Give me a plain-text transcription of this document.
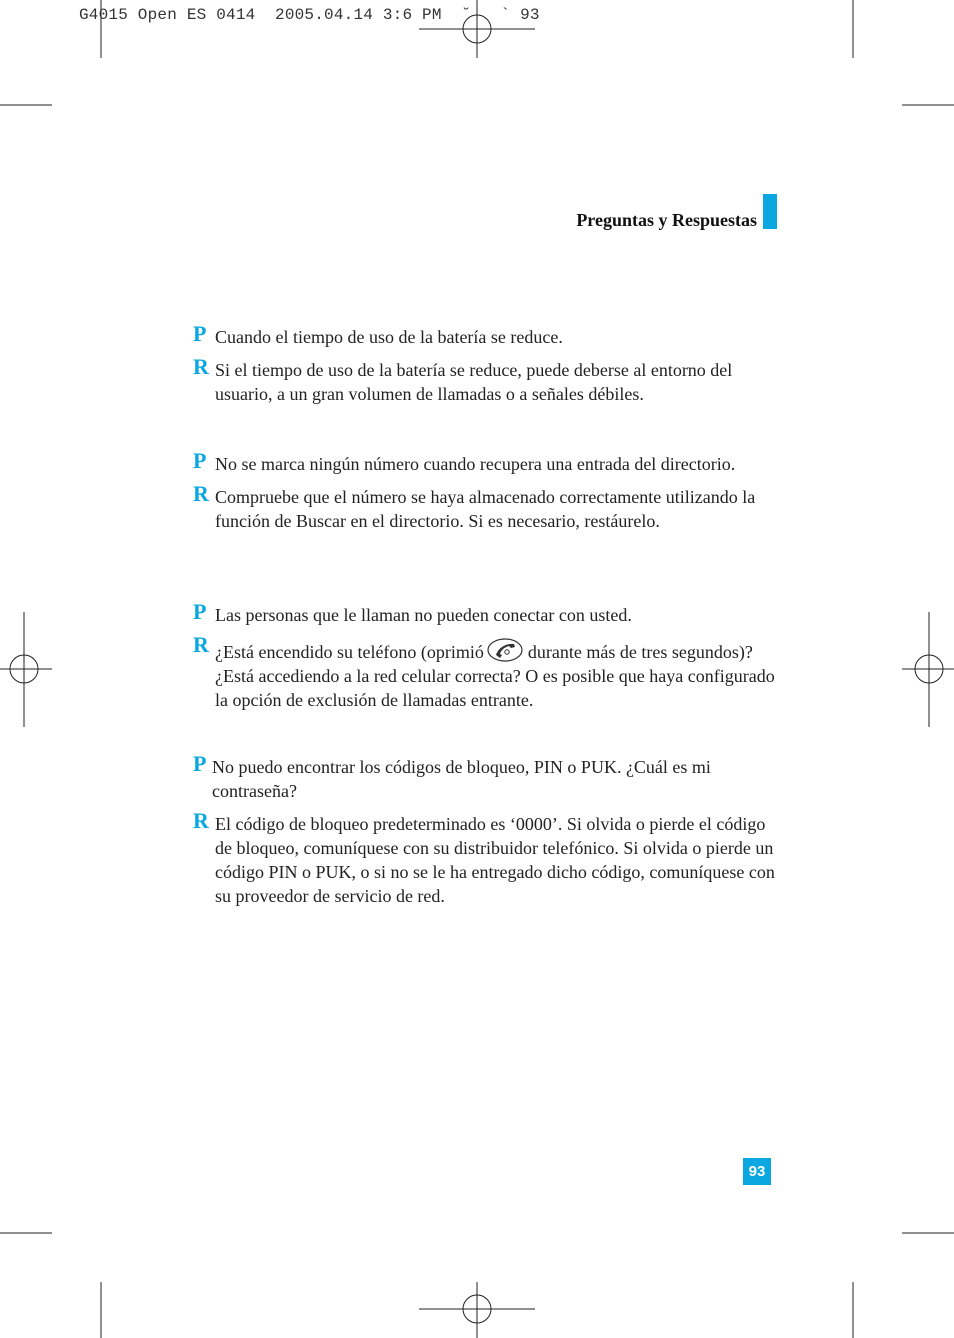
G4015 Open ES 0414  2005.04.14 3:6 PM  ˘   ` 93
Preguntas y Respuestas
P Cuando el tiempo de uso de la batería se reduce.
R Si el tiempo de uso de la batería se reduce, puede deberse al entorno del usuario, a un gran volumen de llamadas o a señales débiles.
P No se marca ningún número cuando recupera una entrada del directorio.
R Compruebe que el número se haya almacenado correctamente utilizando la función de Buscar en el directorio. Si es necesario, restáurelo.
P Las personas que le llaman no pueden conectar con usted.
R ¿Está encendido su teléfono (oprimió durante más de tres segundos)? ¿Está accediendo a la red celular correcta? O es posible que haya configurado la opción de exclusión de llamadas entrante.
P No puedo encontrar los códigos de bloqueo, PIN o PUK. ¿Cuál es mi contraseña?
R El código de bloqueo predeterminado es ‘0000’. Si olvida o pierde el código de bloqueo, comuníquese con su distribuidor telefónico. Si olvida o pierde un código PIN o PUK, o si no se le ha entregado dicho código, comuníquese con su proveedor de servicio de red.
93
